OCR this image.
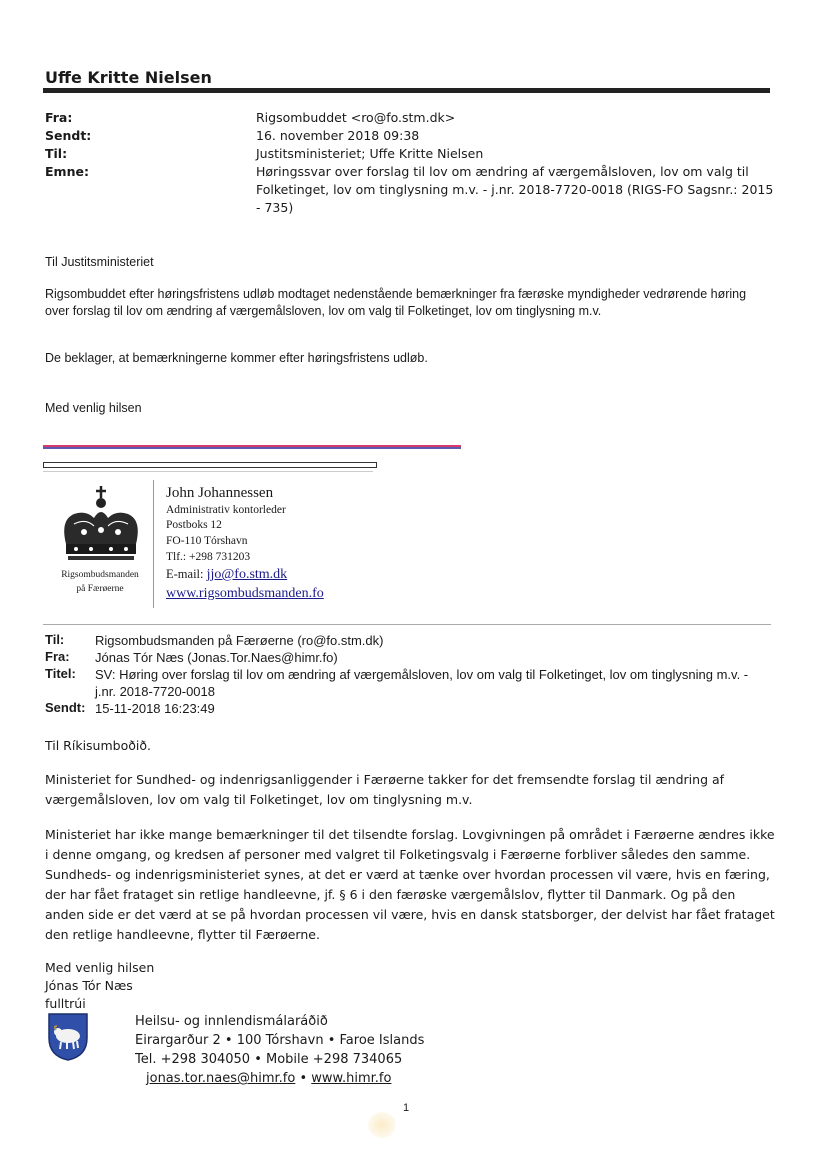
Uffe Kritte Nielsen
Fra:	Rigsombuddet <ro@fo.stm.dk>
Sendt:	16. november 2018 09:38
Til:	Justitsministeriet; Uffe Kritte Nielsen
Emne:	Høringssvar over forslag til lov om ændring af værgemålsloven, lov om valg til Folketinget, lov om tinglysning m.v. - j.nr. 2018-7720-0018 (RIGS-FO Sagsnr.: 2015 - 735)
Til Justitsministeriet
Rigsombuddet efter høringsfristens udløb modtaget nedenstående bemærkninger fra færøske myndigheder vedrørende høring over forslag til lov om ændring af værgemålsloven, lov om valg til Folketinget, lov om tinglysning m.v.
De beklager, at bemærkningerne kommer efter høringsfristens udløb.
Med venlig hilsen
Rigsombudsmanden
på Færøerne
John Johannessen
Administrativ kontorleder
Postboks 12
FO-110 Tórshavn
Tlf.: +298 731203
E-mail: jjo@fo.stm.dk
www.rigsombudsmanden.fo
Til: Rigsombudsmanden på Færøerne (ro@fo.stm.dk)
Fra: Jónas Tór Næs (Jonas.Tor.Naes@himr.fo)
Titel: SV: Høring over forslag til lov om ændring af værgemålsloven, lov om valg til Folketinget, lov om tinglysning m.v. - j.nr. 2018-7720-0018
Sendt: 15-11-2018 16:23:49
Til Ríkisumboðið.
Ministeriet for Sundhed- og indenrigsanliggender i Færøerne takker for det fremsendte forslag til ændring af værgemålsloven, lov om valg til Folketinget, lov om tinglysning m.v.
Ministeriet har ikke mange bemærkninger til det tilsendte forslag. Lovgivningen på området i Færøerne ændres ikke i denne omgang, og kredsen af personer med valgret til Folketingsvalg i Færøerne forbliver således den samme. Sundheds- og indenrigsministeriet synes, at det er værd at tænke over hvordan processen vil være, hvis en færing, der har fået frataget sin retlige handleevne, jf. § 6 i den færøske værgemålslov, flytter til Danmark. Og på den anden side er det værd at se på hvordan processen vil være, hvis en dansk statsborger, der delvist har fået frataget den retlige handleevne, flytter til Færøerne.
Med venlig hilsen
Jónas Tór Næs
fulltrúi
Heilsu- og innlendismálaráðið
Eirargarður 2 • 100 Tórshavn • Faroe Islands
Tel. +298 304050 • Mobile +298 734065
jonas.tor.naes@himr.fo • www.himr.fo
1
